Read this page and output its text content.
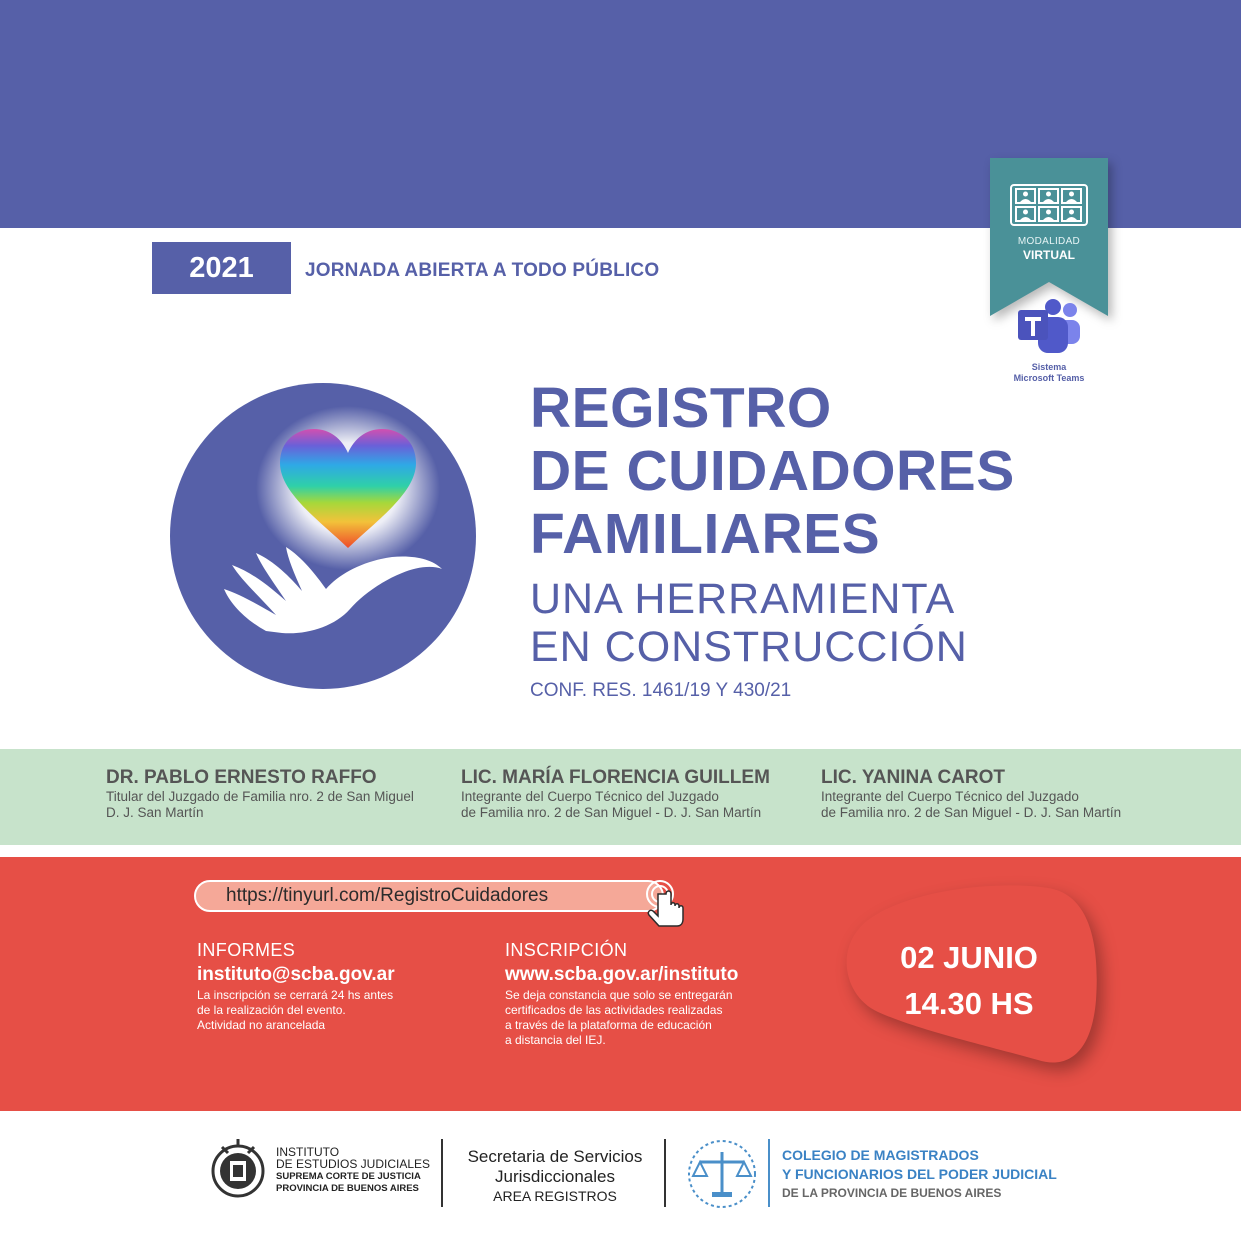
2021	JORNADA ABIERTA A TODO PÚBLICO
MODALIDAD
VIRTUAL
Sistema
Microsoft Teams
REGISTRO
DE CUIDADORES
FAMILIARES
UNA HERRAMIENTA
EN CONSTRUCCIÓN
CONF. RES. 1461/19 Y 430/21
DR. PABLO ERNESTO RAFFO
Titular del Juzgado de Familia nro. 2 de San Miguel
D. J. San Martín
LIC. MARÍA FLORENCIA GUILLEM
Integrante del Cuerpo Técnico del Juzgado
de Familia nro. 2 de San Miguel - D. J. San Martín
LIC. YANINA CAROT
Integrante del Cuerpo Técnico del Juzgado
de Familia nro. 2 de San Miguel - D. J. San Martín
https://tinyurl.com/RegistroCuidadores
INFORMES
instituto@scba.gov.ar
La inscripción se cerrará 24 hs antes
de la realización del evento.
Actividad no arancelada
INSCRIPCIÓN
www.scba.gov.ar/instituto
Se deja constancia que solo se entregarán
certificados de las actividades realizadas
a través de la plataforma de educación
a distancia del IEJ.
02 JUNIO
14.30 HS
INSTITUTO
DE ESTUDIOS JUDICIALES
SUPREMA CORTE DE JUSTICIA
PROVINCIA DE BUENOS AIRES
Secretaria de Servicios
Jurisdiccionales
AREA REGISTROS
COLEGIO DE MAGISTRADOS
Y FUNCIONARIOS DEL PODER JUDICIAL
DE LA PROVINCIA DE BUENOS AIRES
